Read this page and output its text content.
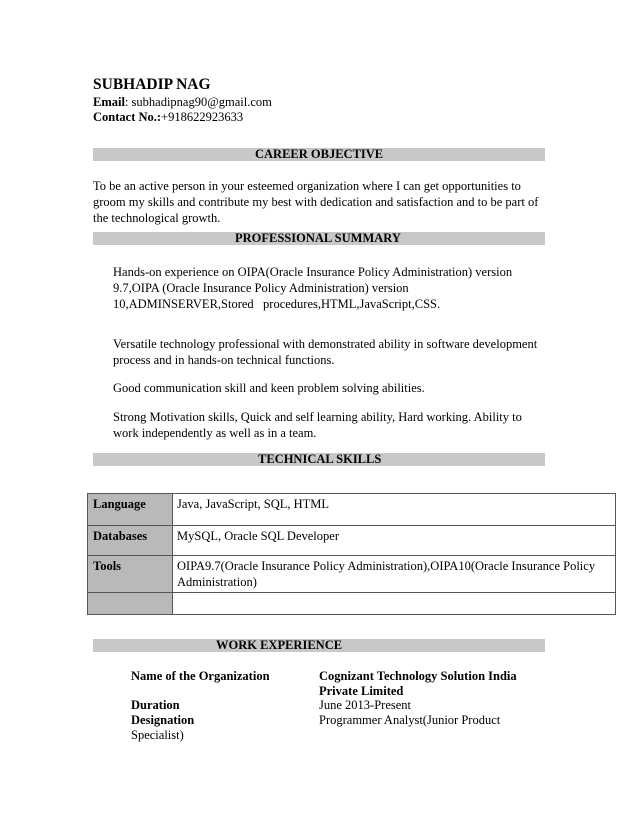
SUBHADIP NAG
Email: subhadipnag90@gmail.com
Contact No.:+918622923633
CAREER OBJECTIVE
To be an active person in your esteemed organization where I can get opportunities to
groom my skills and contribute my best with dedication and satisfaction and to be part of
the technological growth.
PROFESSIONAL SUMMARY
Hands-on experience on OIPA(Oracle Insurance Policy Administration) version
9.7,OIPA (Oracle Insurance Policy Administration) version
10,ADMINSERVER,Stored   procedures,HTML,JavaScript,CSS.
Versatile technology professional with demonstrated ability in software development
process and in hands-on technical functions.
Good communication skill and keen problem solving abilities.
Strong Motivation skills, Quick and self learning ability, Hard working. Ability to
work independently as well as in a team.
TECHNICAL SKILLS
Language	Java, JavaScript, SQL, HTML
Databases	MySQL, Oracle SQL Developer
Tools	OIPA9.7(Oracle Insurance Policy Administration),OIPA10(Oracle Insurance Policy
Administration)

WORK EXPERIENCE
Name of the Organization	Cognizant Technology Solution India
Private Limited
Duration	June 2013-Present
Designation	Programmer Analyst(Junior Product
Specialist)
